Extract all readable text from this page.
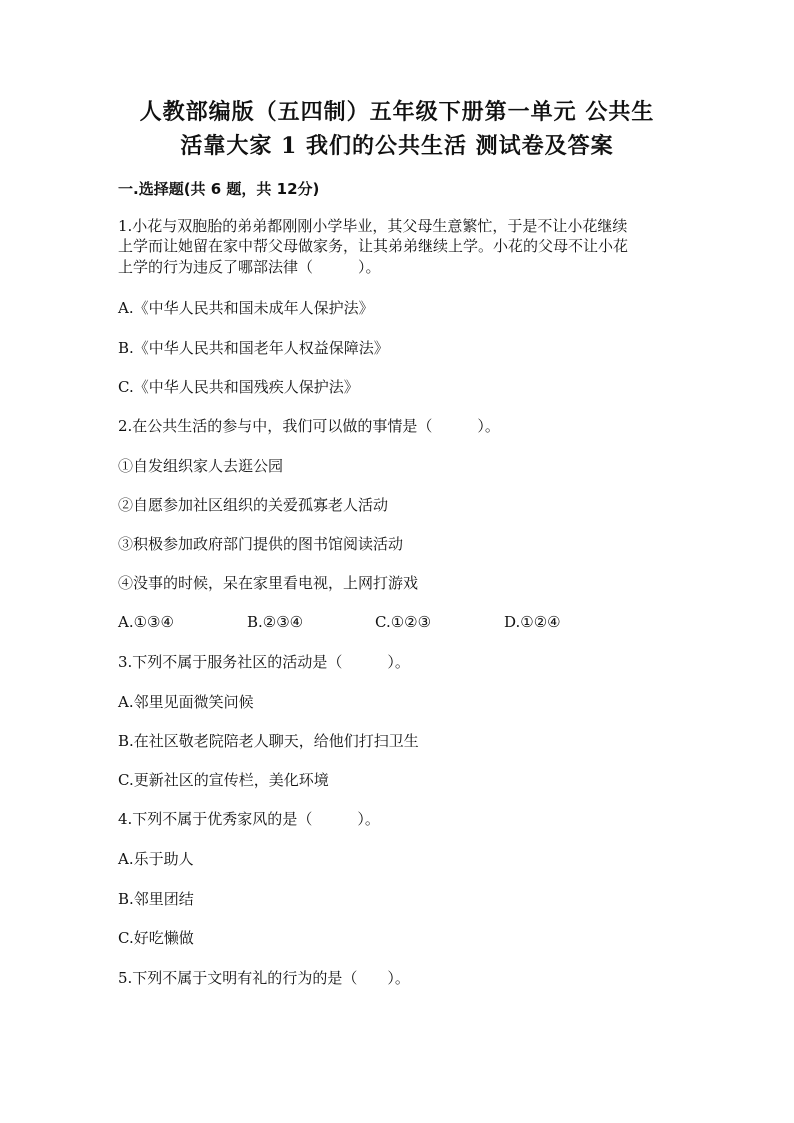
人教部编版（五四制）五年级下册第一单元 公共生
活靠大家 1 我们的公共生活 测试卷及答案
一.选择题(共 6 题，共 12分)
1.小花与双胞胎的弟弟都刚刚小学毕业，其父母生意繁忙，于是不让小花继续
上学而让她留在家中帮父母做家务，让其弟弟继续上学。小花的父母不让小花
上学的行为违反了哪部法律（　　　）。
A.《中华人民共和国未成年人保护法》
B.《中华人民共和国老年人权益保障法》
C.《中华人民共和国残疾人保护法》
2.在公共生活的参与中，我们可以做的事情是（　　　）。
①自发组织家人去逛公园
②自愿参加社区组织的关爱孤寡老人活动
③积极参加政府部门提供的图书馆阅读活动
④没事的时候，呆在家里看电视，上网打游戏
A.①③④	B.②③④	C.①②③	D.①②④
3.下列不属于服务社区的活动是（　　　）。
A.邻里见面微笑问候
B.在社区敬老院陪老人聊天，给他们打扫卫生
C.更新社区的宣传栏，美化环境
4.下列不属于优秀家风的是（　　　）。
A.乐于助人
B.邻里团结
C.好吃懒做
5.下列不属于文明有礼的行为的是（　　）。
